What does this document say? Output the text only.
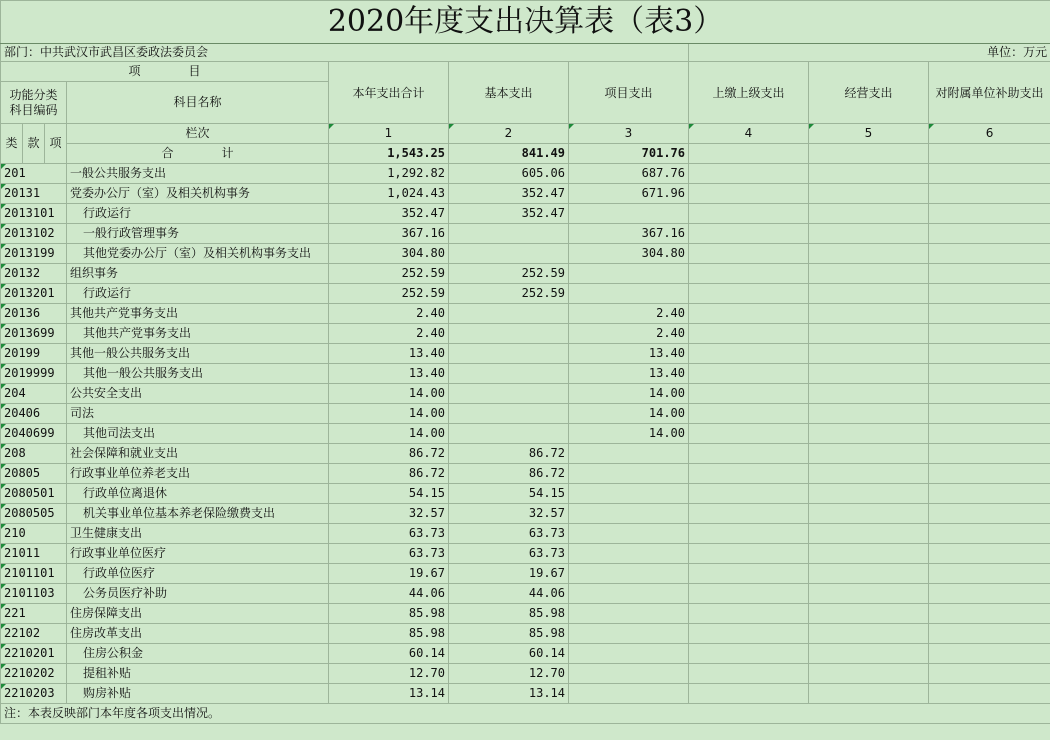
2020年度支出决算表（表3）									
部门：中共武汉市武昌区委政法委员会							单位：万元		
项　　　　目				本年支出合计	基本支出	项目支出	上缴上级支出	经营支出	对附属单位补助支出
功能分类科目编码			科目名称						

类	款	项	栏次	1	2	3	4	5	6
			合　　　　计	1,543.25	841.49	701.76			
201			一般公共服务支出	1,292.82	605.06	687.76			
20131			党委办公厅（室）及相关机构事务	1,024.43	352.47	671.96			
2013101			行政运行	352.47	352.47				
2013102			一般行政管理事务	367.16		367.16			
2013199			其他党委办公厅（室）及相关机构事务支出	304.80		304.80			
20132			组织事务	252.59	252.59				
2013201			行政运行	252.59	252.59				
20136			其他共产党事务支出	2.40		2.40			
2013699			其他共产党事务支出	2.40		2.40			
20199			其他一般公共服务支出	13.40		13.40			
2019999			其他一般公共服务支出	13.40		13.40			
204			公共安全支出	14.00		14.00			
20406			司法	14.00		14.00			
2040699			其他司法支出	14.00		14.00			
208			社会保障和就业支出	86.72	86.72				
20805			行政事业单位养老支出	86.72	86.72				
2080501			行政单位离退休	54.15	54.15				
2080505			机关事业单位基本养老保险缴费支出	32.57	32.57				
210			卫生健康支出	63.73	63.73				
21011			行政事业单位医疗	63.73	63.73				
2101101			行政单位医疗	19.67	19.67				
2101103			公务员医疗补助	44.06	44.06				
221			住房保障支出	85.98	85.98				
22102			住房改革支出	85.98	85.98				
2210201			住房公积金	60.14	60.14				
2210202			提租补贴	12.70	12.70				
2210203			购房补贴	13.14	13.14				
注：本表反映部门本年度各项支出情况。									
